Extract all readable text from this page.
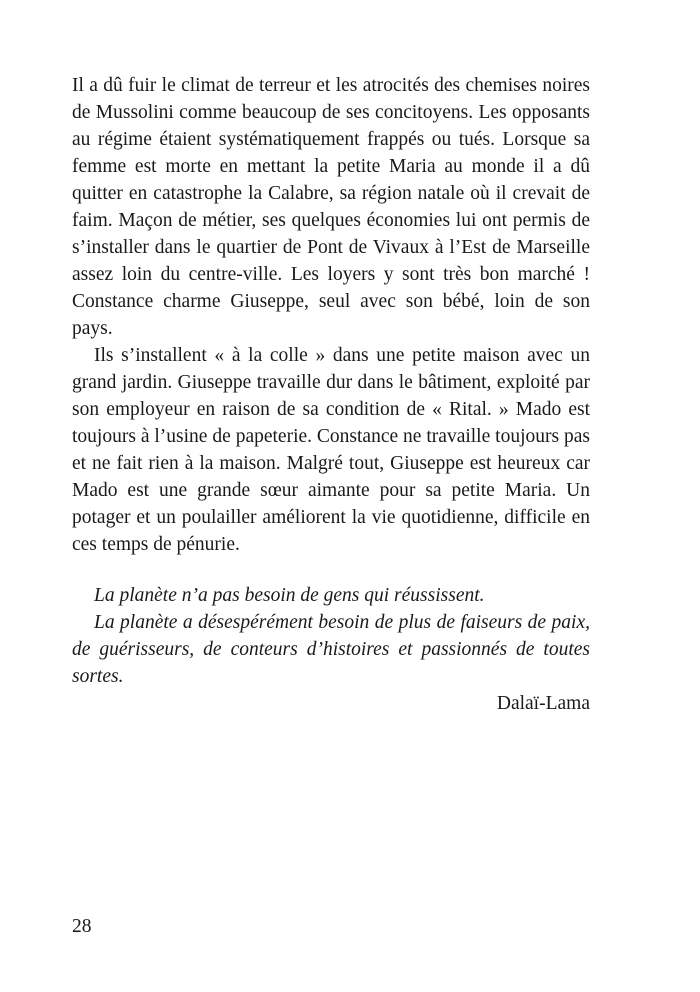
Il a dû fuir le climat de terreur et les atrocités des chemises noires de Mussolini comme beaucoup de ses concitoyens. Les opposants au régime étaient systématiquement frappés ou tués. Lorsque sa femme est morte en mettant la petite Maria au monde il a dû quitter en catastrophe la Calabre, sa région natale où il crevait de faim. Maçon de métier, ses quelques économies lui ont permis de s’installer dans le quartier de Pont de Vivaux à l’Est de Marseille assez loin du centre-ville. Les loyers y sont très bon marché ! Constance charme Giuseppe, seul avec son bébé, loin de son pays.

Ils s’installent « à la colle » dans une petite maison avec un grand jardin. Giuseppe travaille dur dans le bâtiment, exploité par son employeur en raison de sa condition de « Rital. » Mado est toujours à l’usine de papeterie. Constance ne travaille toujours pas et ne fait rien à la maison. Malgré tout, Giuseppe est heureux car Mado est une grande sœur aimante pour sa petite Maria. Un potager et un poulailler améliorent la vie quotidienne, difficile en ces temps de pénurie.

La planète n’a pas besoin de gens qui réussissent.

La planète a désespérément besoin de plus de faiseurs de paix, de guérisseurs, de conteurs d’histoires et passionnés de toutes sortes.

Dalaï-Lama

28
